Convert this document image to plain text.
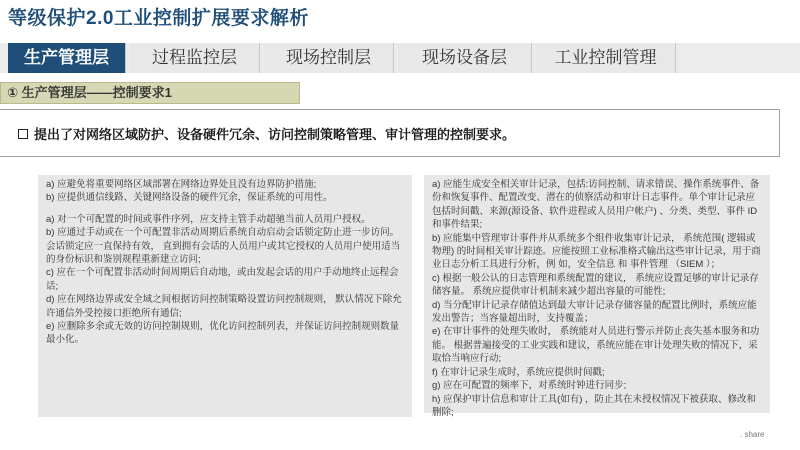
等级保护2.0工业控制扩展要求解析
生产管理层	过程监控层	现场控制层	现场设备层	工业控制管理
① 生产管理层——控制要求1
提出了对网络区域防护、设备硬件冗余、访问控制策略管理、审计管理的控制要求。

a) 应避免将重要网络区域部署在网络边界处且没有边界防护措施;

b) 应提供通信线路、关键网络设备的硬件冗余，保证系统的可用性。

a) 对一个可配置的时间或事件序列，应支持主管手动超驰当前人员用户授权。

b) 应通过手动或在一个可配置非活动周期后系统自动启动会话锁定防止进一步访问。 会话锁定应一直保持有效， 直到拥有会话的人员用户或其它授权的人员用户使用适当的身份标识和鉴别规程重新建立访问;

c) 应在一个可配置非活动时间周期后自动地，或由发起会话的用户手动地终止远程会话;

d) 应在网络边界或安全域之间根据访问控制策略设置访问控制规则， 默认情况下除允许通信外受控接口拒绝所有通信;

e) 应删除多余或无效的访问控制规则，优化访问控制列表，并保证访问控制规则数量最小化。

a) 应能生成安全相关审计记录，包括:访问控制、请求错误、操作系统事件、备份和恢复事件、配置改变、潜在的侦察活动和审计日志事件。单个审计记录应包括时间戳、来源(源设备、软件进程或人员用户帐户) 、分类、类型、事件 ID 和事件结果;

b) 应能集中管理审计事件并从系统多个组件收集审计记录， 系统范围( 逻辑或物理) 的时间相关审计踪迹。应能按照工业标准格式输出这些审计记录，用于商业日志分析工具进行分析，例 如，安全信息 和 事件管理 （SIEM ）；

c) 根据一般公认的日志管理和系统配置的建议， 系统应设置足够的审计记录存储容量。 系统应提供审计机制来减少超出容量的可能性;

d) 当分配审计记录存储值达到最大审计记录存储容量的配置比例时，系统应能发出警告；当容量超出时，支持覆盖；

e) 在审计事件的处理失败时， 系统能对人员进行警示并防止丧失基本服务和功能。 根据普遍接受的工业实践和建议，系统应能在审计处理失败的情况下，采取恰当响应行动;

f) 在审计记录生成时，系统应提供时间戳;

g) 应在可配置的频率下，对系统时钟进行同步;

h) 应保护审计信息和审计工具(如有) ，防止其在未授权情况下被获取、修改和删除;

. share
